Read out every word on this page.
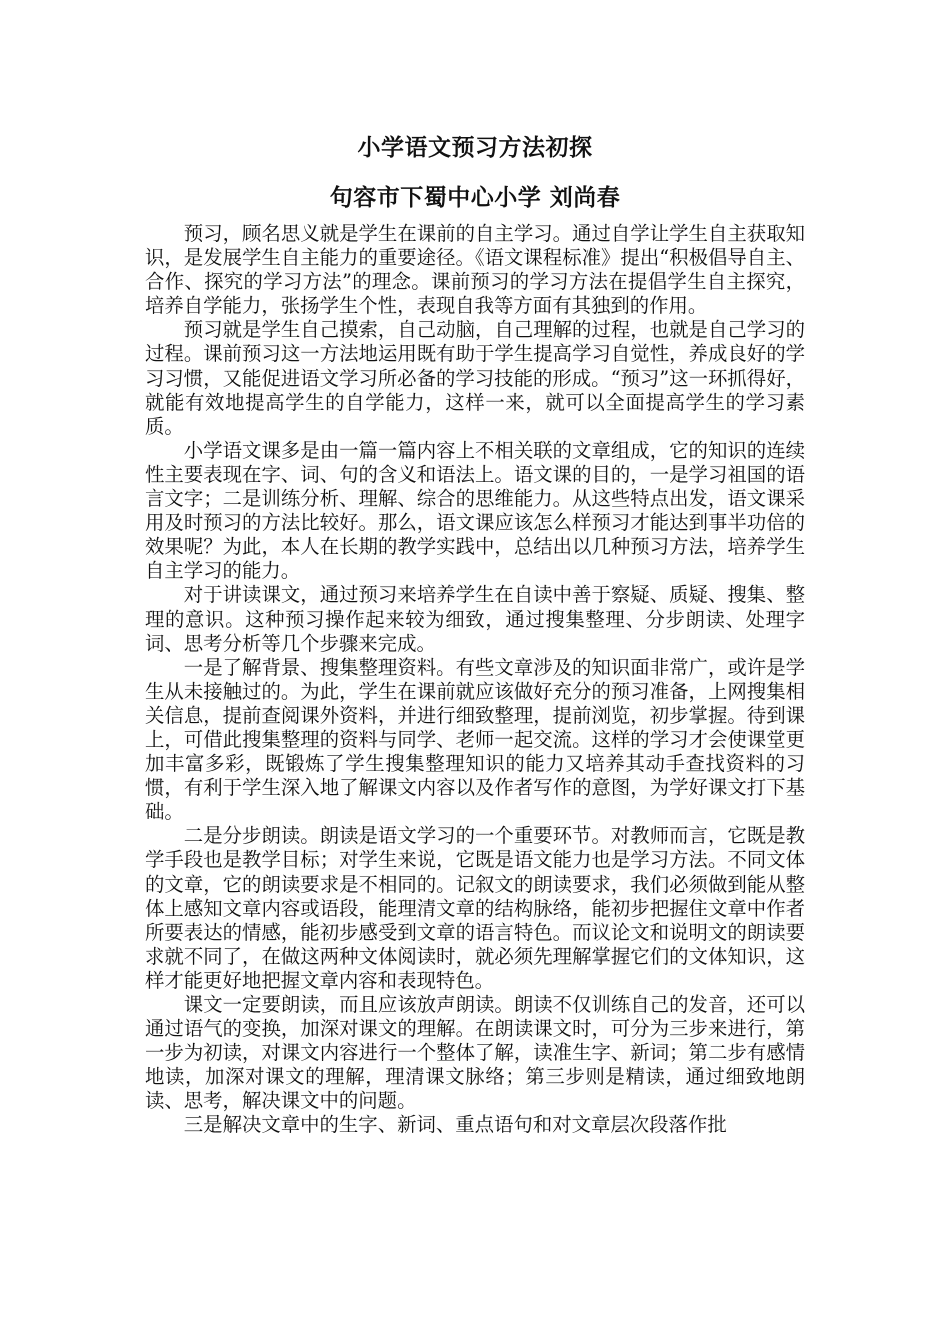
小学语文预习方法初探
句容市下蜀中心小学 刘尚春

预习，顾名思义就是学生在课前的自主学习。通过自学让学生自主获取知识，是发展学生自主能力的重要途径。《语文课程标准》提出“积极倡导自主、合作、探究的学习方法”的理念。课前预习的学习方法在提倡学生自主探究，培养自学能力，张扬学生个性，表现自我等方面有其独到的作用。

预习就是学生自己摸索，自己动脑，自己理解的过程，也就是自己学习的过程。课前预习这一方法地运用既有助于学生提高学习自觉性，养成良好的学习习惯，又能促进语文学习所必备的学习技能的形成。“预习”这一环抓得好，就能有效地提高学生的自学能力，这样一来，就可以全面提高学生的学习素质。

小学语文课多是由一篇一篇内容上不相关联的文章组成，它的知识的连续性主要表现在字、词、句的含义和语法上。语文课的目的，一是学习祖国的语言文字；二是训练分析、理解、综合的思维能力。从这些特点出发，语文课采用及时预习的方法比较好。那么，语文课应该怎么样预习才能达到事半功倍的效果呢？为此，本人在长期的教学实践中，总结出以几种预习方法，培养学生自主学习的能力。

对于讲读课文，通过预习来培养学生在自读中善于察疑、质疑、搜集、整理的意识。这种预习操作起来较为细致，通过搜集整理、分步朗读、处理字词、思考分析等几个步骤来完成。

一是了解背景、搜集整理资料。有些文章涉及的知识面非常广，或许是学生从未接触过的。为此，学生在课前就应该做好充分的预习准备，上网搜集相关信息，提前查阅课外资料，并进行细致整理，提前浏览，初步掌握。待到课上，可借此搜集整理的资料与同学、老师一起交流。这样的学习才会使课堂更加丰富多彩，既锻炼了学生搜集整理知识的能力又培养其动手查找资料的习惯，有利于学生深入地了解课文内容以及作者写作的意图，为学好课文打下基础。

二是分步朗读。朗读是语文学习的一个重要环节。对教师而言，它既是教学手段也是教学目标；对学生来说，它既是语文能力也是学习方法。不同文体的文章，它的朗读要求是不相同的。记叙文的朗读要求，我们必须做到能从整体上感知文章内容或语段，能理清文章的结构脉络，能初步把握住文章中作者所要表达的情感，能初步感受到文章的语言特色。而议论文和说明文的朗读要求就不同了，在做这两种文体阅读时，就必须先理解掌握它们的文体知识，这样才能更好地把握文章内容和表现特色。

课文一定要朗读，而且应该放声朗读。朗读不仅训练自己的发音，还可以通过语气的变换，加深对课文的理解。在朗读课文时，可分为三步来进行，第一步为初读，对课文内容进行一个整体了解，读准生字、新词；第二步有感情地读，加深对课文的理解，理清课文脉络；第三步则是精读，通过细致地朗读、思考，解决课文中的问题。

三是解决文章中的生字、新词、重点语句和对文章层次段落作批
